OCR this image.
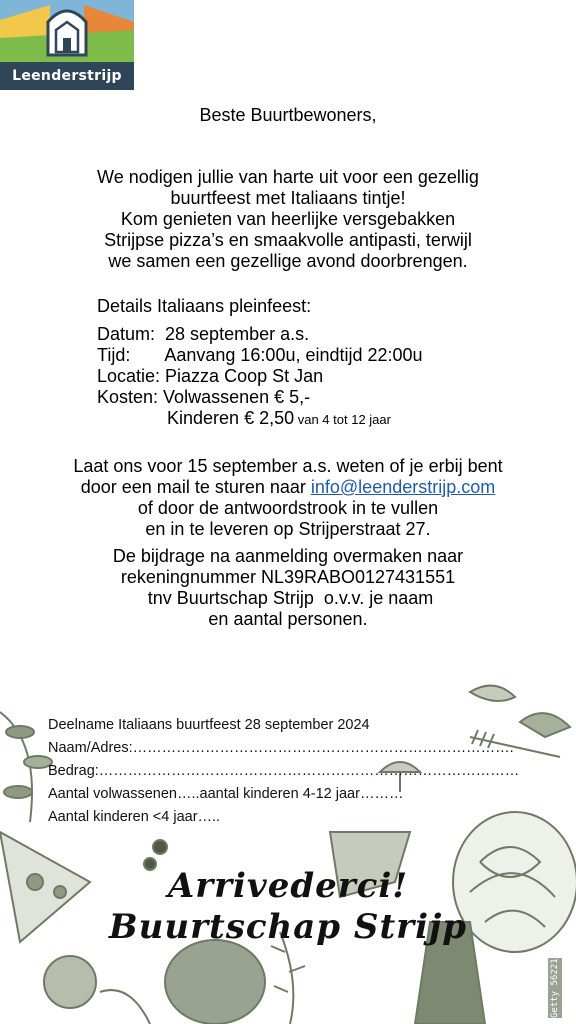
Leenderstrijp
Beste Buurtbewoners,
We nodigen jullie van harte uit voor een gezellig
buurtfeest met Italiaans tintje!
Kom genieten van heerlijke versgebakken
Strijpse pizza’s en smaakvolle antipasti, terwijl
we samen een gezellige avond doorbrengen.
Details Italiaans pleinfeest:
Datum:  28 september a.s.
Tijd:       Aanvang 16:00u, eindtijd 22:00u
Locatie: Piazza Coop St Jan
Kosten: Volwassenen € 5,-
Kinderen € 2,50 van 4 tot 12 jaar
Laat ons voor 15 september a.s. weten of je erbij bent
door een mail te sturen naar info@leenderstrijp.com
of door de antwoordstrook in te vullen
en in te leveren op Strijperstraat 27.
De bijdrage na aanmelding overmaken naar
rekeningnummer NL39RABO0127431551
tnv Buurtschap Strijp  o.v.v. je naam
en aantal personen.
Deelname Italiaans buurtfeest 28 september 2024
Naam/Adres:…………………………………………………………………….
Bedrag:……………………………………………………………………………
Aantal volwassenen…..aantal kinderen 4-12 jaar………
Aantal kinderen <4 jaar…..
Arrivederci!
Buurtschap Strijp
Getty 56221
